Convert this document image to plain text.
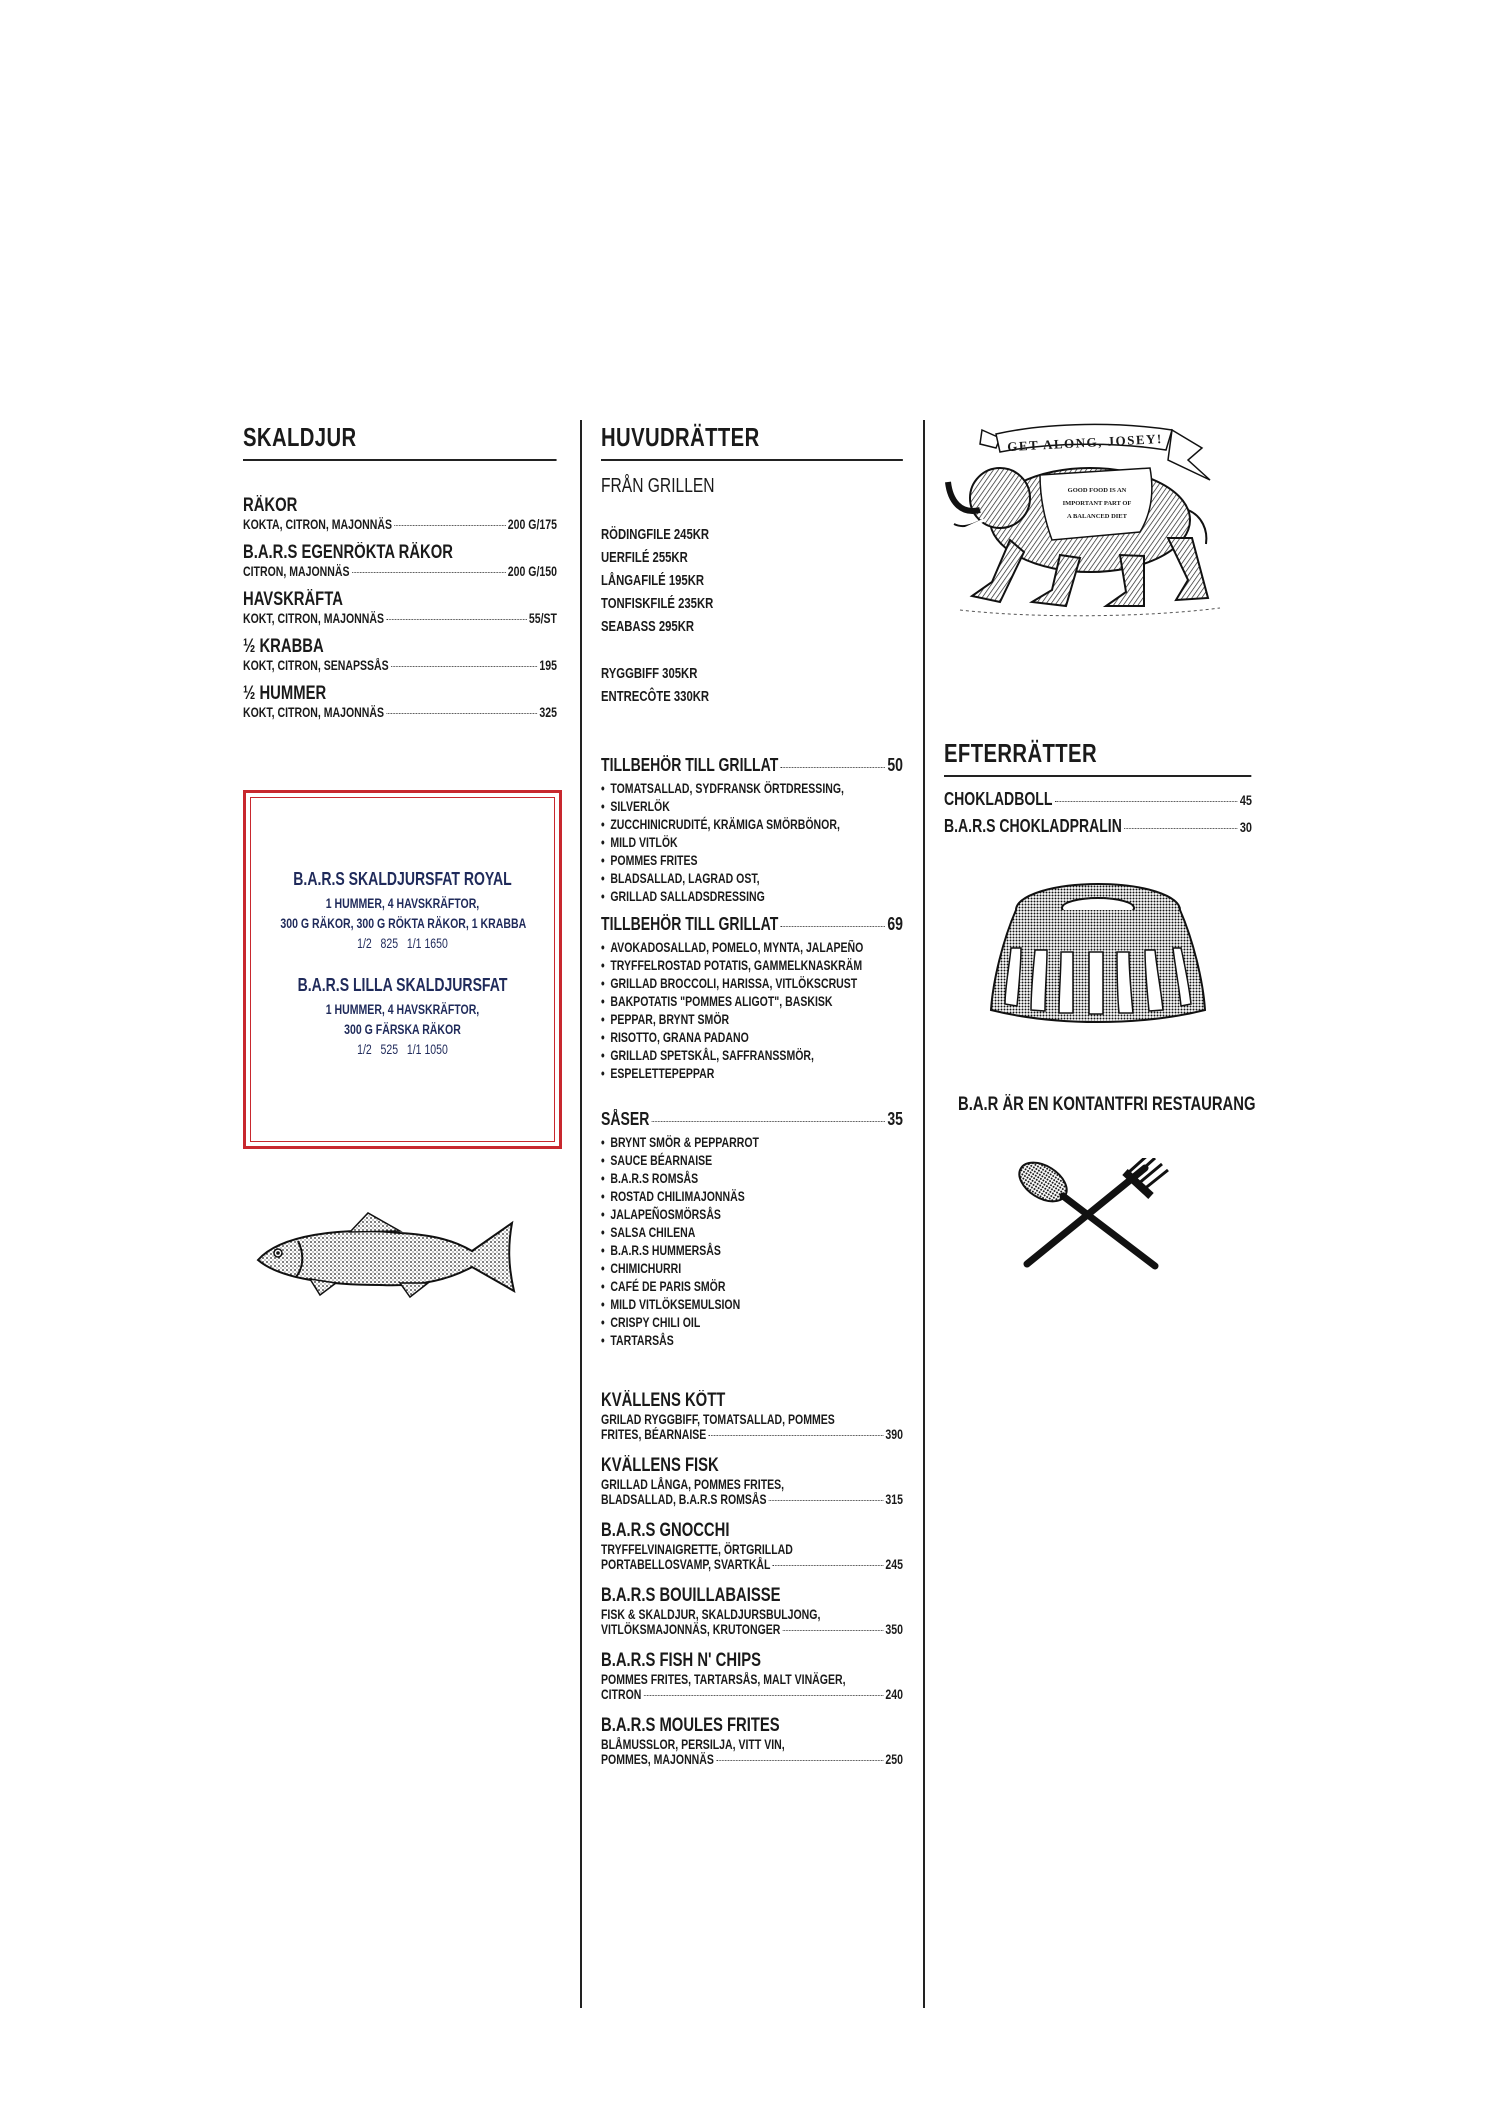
SKALDJUR
RÄKOR
KOKTA, CITRON, MAJONNÄS	200 G/175
B.A.R.S EGENRÖKTA RÄKOR
CITRON, MAJONNÄS	200 G/150
HAVSKRÄFTA
KOKT, CITRON, MAJONNÄS	55/ST
½ KRABBA
KOKT, CITRON, SENAPSSÅS	195
½ HUMMER
KOKT, CITRON, MAJONNÄS	325
B.A.R.S SKALDJURSFAT ROYAL
1 HUMMER, 4 HAVSKRÄFTOR,
300 G RÄKOR, 300 G RÖKTA RÄKOR, 1 KRABBA
1/2   825   1/1 1650
B.A.R.S LILLA SKALDJURSFAT
1 HUMMER, 4 HAVSKRÄFTOR,
300 G FÄRSKA RÄKOR
1/2   525   1/1 1050
HUVUDRÄTTER
FRÅN GRILLEN
RÖDINGFILE 245KR
UERFILÉ 255KR
LÅNGAFILÉ 195KR
TONFISKFILÉ 235KR
SEABASS 295KR
RYGGBIFF 305KR
ENTRECÔTE 330KR
TILLBEHÖR TILL GRILLAT	50
• TOMATSALLAD, SYDFRANSK ÖRTDRESSING,
• SILVERLÖK
• ZUCCHINICRUDITÉ, KRÄMIGA SMÖRBÖNOR,
• MILD VITLÖK
• POMMES FRITES
• BLADSALLAD, LAGRAD OST,
• GRILLAD SALLADSDRESSING
TILLBEHÖR TILL GRILLAT	69
• AVOKADOSALLAD, POMELO, MYNTA, JALAPEÑO
• TRYFFELROSTAD POTATIS, GAMMELKNASKRÄM
• GRILLAD BROCCOLI, HARISSA, VITLÖKSCRUST
• BAKPOTATIS "POMMES ALIGOT", BASKISK
• PEPPAR, BRYNT SMÖR
• RISOTTO, GRANA PADANO
• GRILLAD SPETSKÅL, SAFFRANSSMÖR,
• ESPELETTEPEPPAR
SÅSER	35
• BRYNT SMÖR & PEPPARROT
• SAUCE BÉARNAISE
• B.A.R.S ROMSÅS
• ROSTAD CHILIMAJONNÄS
• JALAPEÑOSMÖRSÅS
• SALSA CHILENA
• B.A.R.S HUMMERSÅS
• CHIMICHURRI
• CAFÉ DE PARIS SMÖR
• MILD VITLÖKSEMULSION
• CRISPY CHILI OIL
• TARTARSÅS
KVÄLLENS KÖTT
GRILAD RYGGBIFF, TOMATSALLAD, POMMES
FRITES, BÉARNAISE	390
KVÄLLENS FISK
GRILLAD LÅNGA, POMMES FRITES,
BLADSALLAD, B.A.R.S ROMSÅS	315
B.A.R.S GNOCCHI
TRYFFELVINAIGRETTE, ÖRTGRILLAD
PORTABELLOSVAMP, SVARTKÅL	245
B.A.R.S BOUILLABAISSE
FISK & SKALDJUR, SKALDJURSBULJONG,
VITLÖKSMAJONNÄS, KRUTONGER	350
B.A.R.S FISH N' CHIPS
POMMES FRITES, TARTARSÅS, MALT VINÄGER,
CITRON	240
B.A.R.S MOULES FRITES
BLÅMUSSLOR, PERSILJA, VITT VIN,
POMMES, MAJONNÄS	250
GET ALONG, JOSEY!
GOOD FOOD IS AN
IMPORTANT PART OF
A BALANCED DIET
EFTERRÄTTER
CHOKLADBOLL	45
B.A.R.S CHOKLADPRALIN	30
B.A.R ÄR EN KONTANTFRI RESTAURANG
